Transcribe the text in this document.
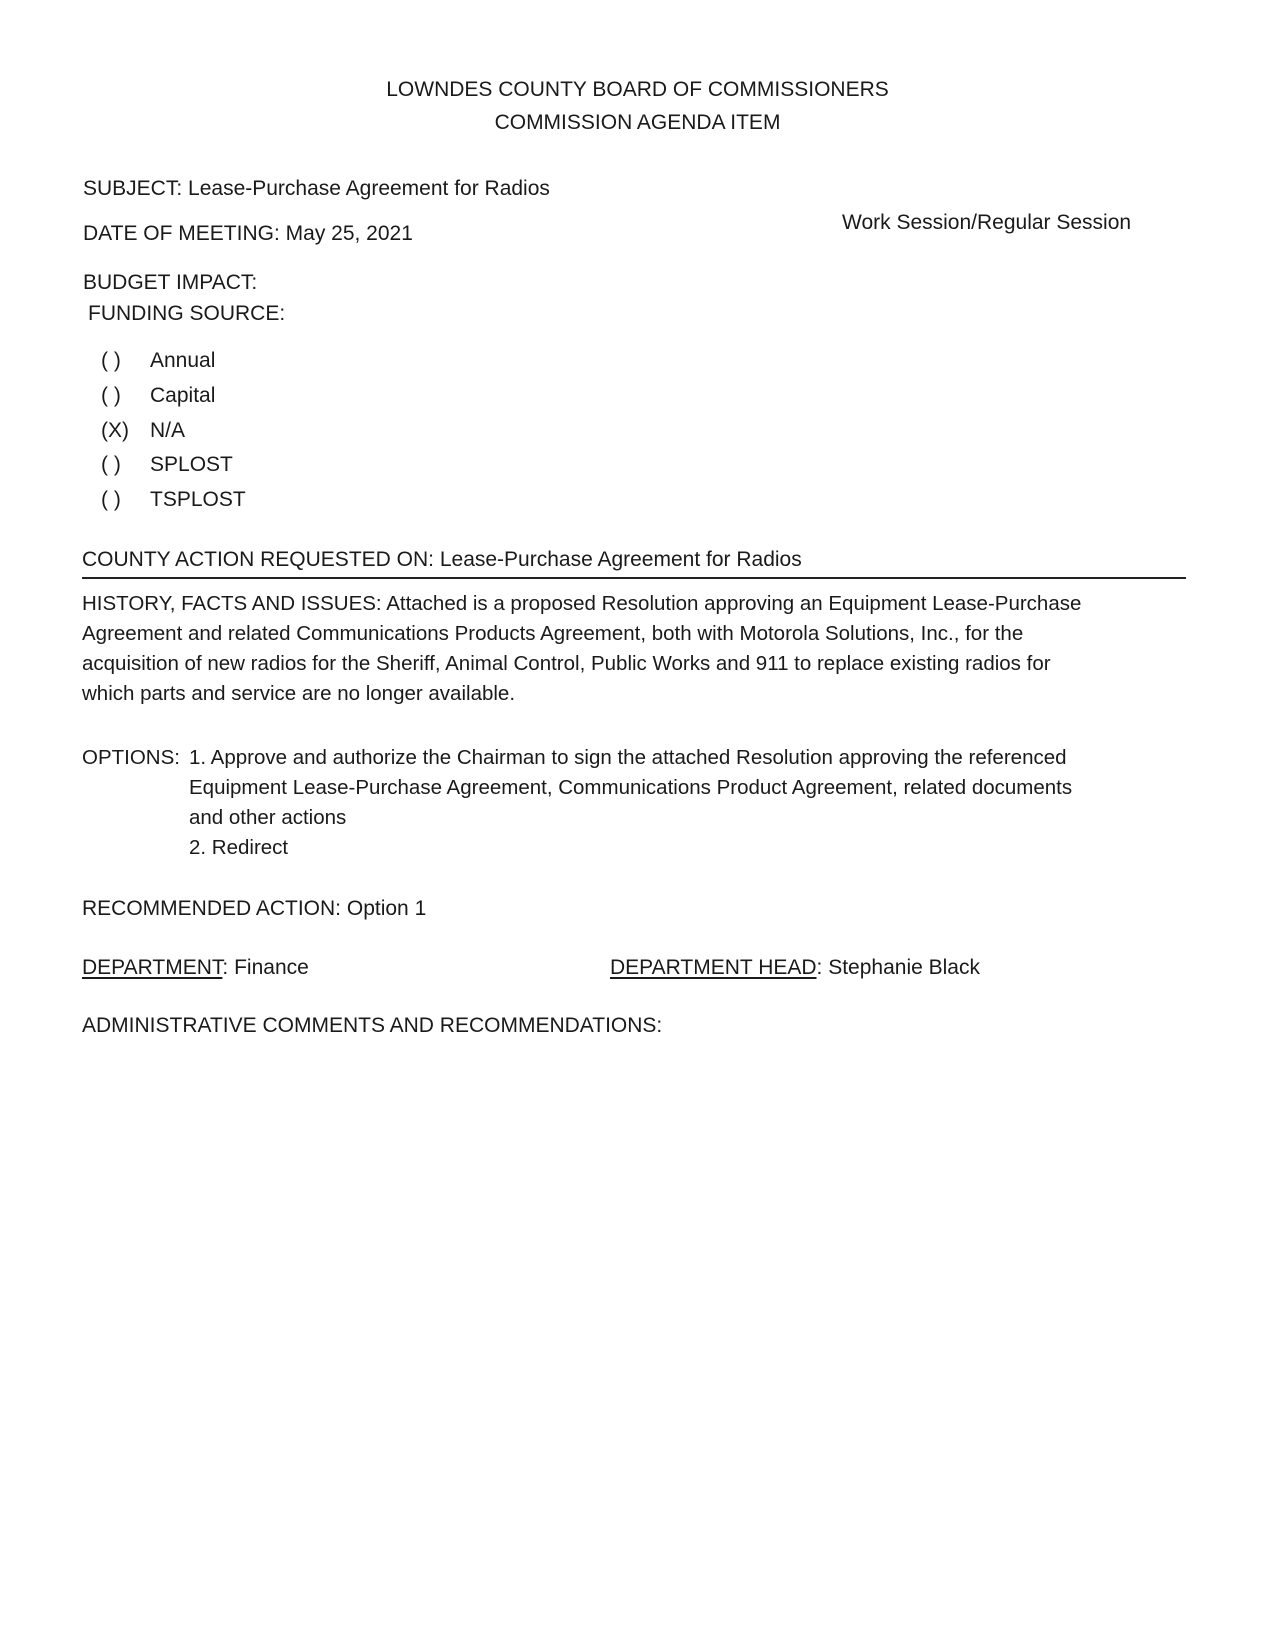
LOWNDES COUNTY BOARD OF COMMISSIONERS
COMMISSION AGENDA ITEM
SUBJECT: Lease-Purchase Agreement for Radios
DATE OF MEETING: May 25, 2021	Work Session/Regular Session
BUDGET IMPACT:
FUNDING SOURCE:
( ) Annual
( ) Capital
(X) N/A
( ) SPLOST
( ) TSPLOST
COUNTY ACTION REQUESTED ON: Lease-Purchase Agreement for Radios
HISTORY, FACTS AND ISSUES: Attached is a proposed Resolution approving an Equipment Lease-Purchase
Agreement and related Communications Products Agreement, both with Motorola Solutions, Inc., for the
acquisition of new radios for the Sheriff, Animal Control, Public Works and 911 to replace existing radios for
which parts and service are no longer available.
OPTIONS: 1. Approve and authorize the Chairman to sign the attached Resolution approving the referenced
Equipment Lease-Purchase Agreement, Communications Product Agreement, related documents
and other actions
2. Redirect
RECOMMENDED ACTION: Option 1
DEPARTMENT: Finance	DEPARTMENT HEAD: Stephanie Black
ADMINISTRATIVE COMMENTS AND RECOMMENDATIONS:
